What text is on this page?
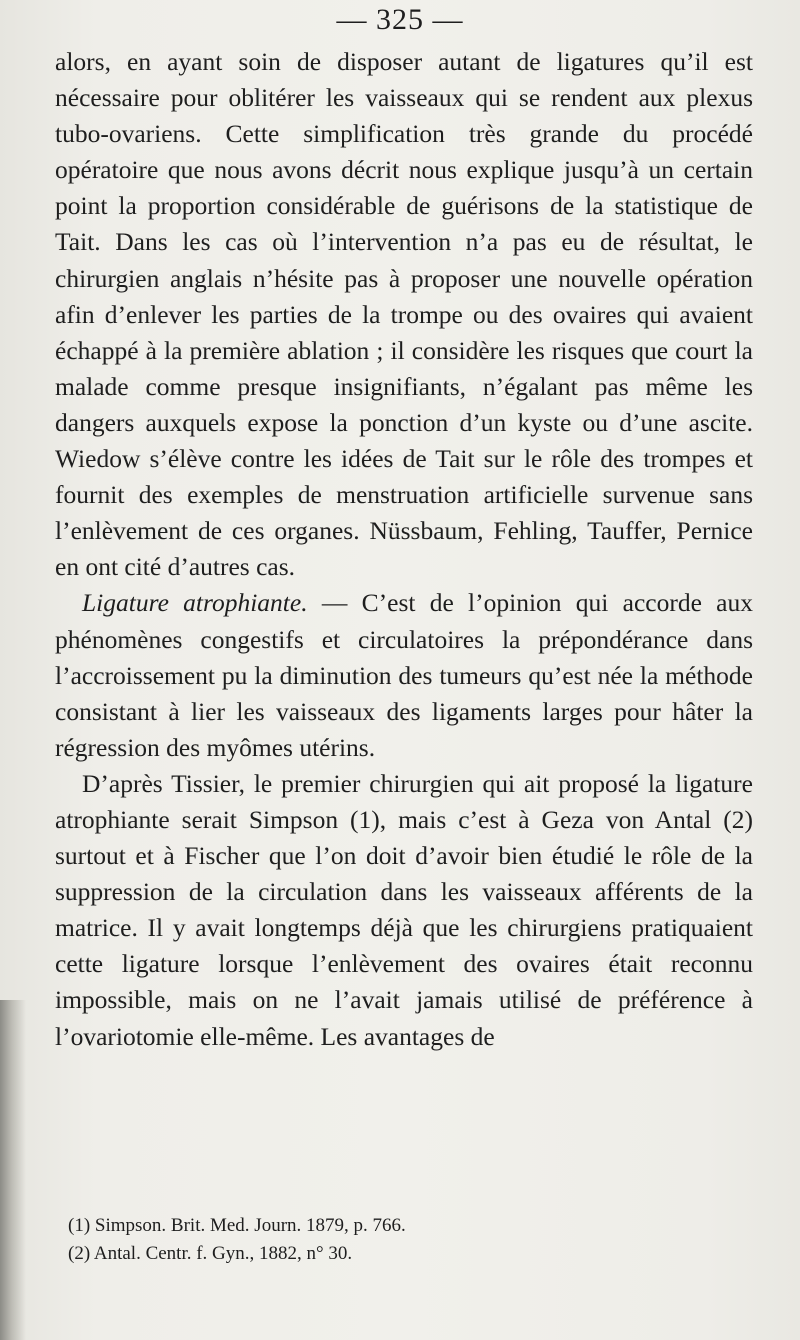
— 325 —

alors, en ayant soin de disposer autant de ligatures qu’il est nécessaire pour oblitérer les vaisseaux qui se rendent aux plexus tubo-ovariens. Cette simplification très grande du procédé opératoire que nous avons décrit nous explique jusqu’à un certain point la proportion considérable de guérisons de la statistique de Tait. Dans les cas où l’intervention n’a pas eu de résultat, le chirurgien anglais n’hésite pas à proposer une nouvelle opération afin d’enlever les parties de la trompe ou des ovaires qui avaient échappé à la première ablation ; il considère les risques que court la malade comme presque insignifiants, n’égalant pas même les dangers auxquels expose la ponction d’un kyste ou d’une ascite. Wiedow s’élève contre les idées de Tait sur le rôle des trompes et fournit des exemples de menstruation artificielle survenue sans l’enlèvement de ces organes. Nüssbaum, Fehling, Tauffer, Pernice en ont cité d’autres cas.

Ligature atrophiante. — C’est de l’opinion qui accorde aux phénomènes congestifs et circulatoires la prépondérance dans l’accroissement pu la diminution des tumeurs qu’est née la méthode consistant à lier les vaisseaux des ligaments larges pour hâter la régression des myômes utérins.

D’après Tissier, le premier chirurgien qui ait proposé la ligature atrophiante serait Simpson (1), mais c’est à Geza von Antal (2) surtout et à Fischer que l’on doit d’avoir bien étudié le rôle de la suppression de la circulation dans les vaisseaux afférents de la matrice. Il y avait longtemps déjà que les chirurgiens pratiquaient cette ligature lorsque l’enlèvement des ovaires était reconnu impossible, mais on ne l’avait jamais utilisé de préférence à l’ovariotomie elle-même. Les avantages de

(1) Simpson. Brit. Med. Journ. 1879, p. 766.

(2) Antal. Centr. f. Gyn., 1882, n° 30.
